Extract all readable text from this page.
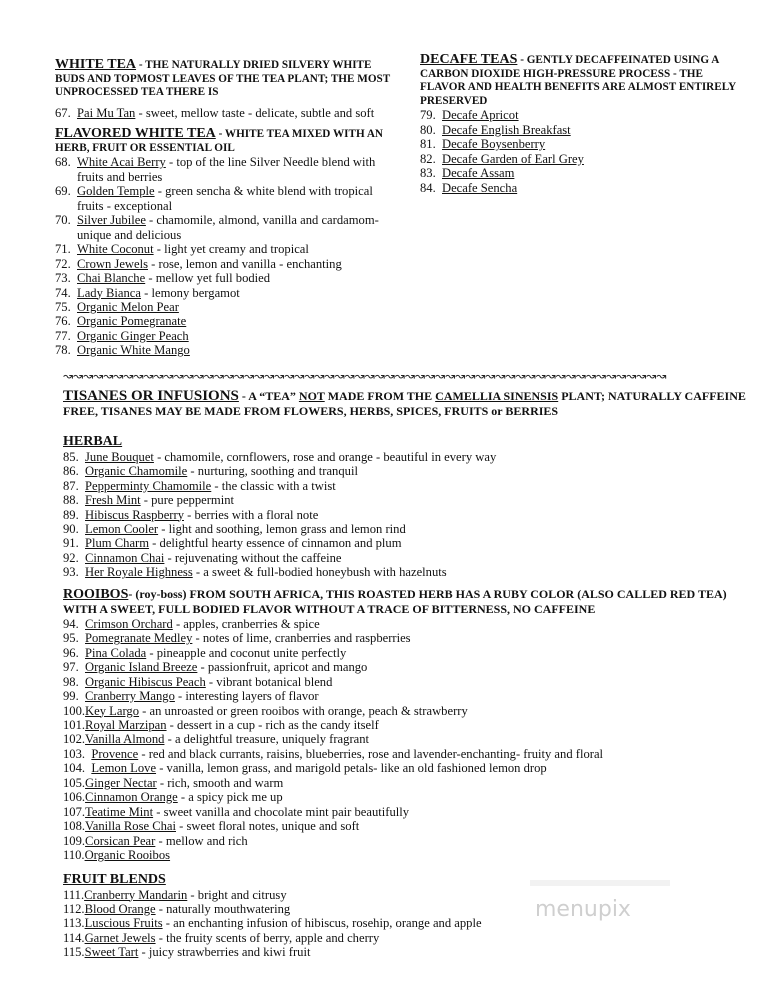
WHITE TEA - THE NATURALLY DRIED SILVERY WHITE BUDS AND TOPMOST LEAVES OF THE TEA PLANT; THE MOST UNPROCESSED TEA THERE IS
67. Pai Mu Tan - sweet, mellow taste - delicate, subtle and soft
FLAVORED WHITE TEA - WHITE TEA MIXED WITH AN HERB, FRUIT OR ESSENTIAL OIL
68. White Acai Berry - top of the line Silver Needle blend with fruits and berries
69. Golden Temple - green sencha & white blend with tropical fruits - exceptional
70. Silver Jubilee - chamomile, almond, vanilla and cardamom-unique and delicious
71. White Coconut - light yet creamy and tropical
72. Crown Jewels - rose, lemon and vanilla - enchanting
73. Chai Blanche - mellow yet full bodied
74. Lady Bianca - lemony bergamot
75. Organic Melon Pear
76. Organic Pomegranate
77. Organic Ginger Peach
78. Organic White Mango
DECAFE TEAS - GENTLY DECAFFEINATED USING A CARBON DIOXIDE HIGH-PRESSURE PROCESS - THE FLAVOR AND HEALTH BENEFITS ARE ALMOST ENTIRELY PRESERVED
79. Decafe Apricot
80. Decafe English Breakfast
81. Decafe Boysenberry
82. Decafe Garden of Earl Grey
83. Decafe Assam
84. Decafe Sencha
↝↝↝↝↝↝↝↝↝↝↝↝↝↝↝↝↝↝↝↝↝↝↝↝↝↝↝↝↝↝↝↝↝↝↝↝↝↝↝↝↝↝↝↝↝↝↝↝↝↝↝↝↝↝↝↝↝↝↝↝
TISANES OR INFUSIONS - A “TEA” NOT MADE FROM THE CAMELLIA SINENSIS PLANT; NATURALLY CAFFEINE FREE, TISANES MAY BE MADE FROM FLOWERS, HERBS, SPICES, FRUITS or BERRIES
HERBAL
85. June Bouquet - chamomile, cornflowers, rose and orange - beautiful in every way
86. Organic Chamomile - nurturing, soothing and tranquil
87. Pepperminty Chamomile - the classic with a twist
88. Fresh Mint - pure peppermint
89. Hibiscus Raspberry - berries with a floral note
90. Lemon Cooler - light and soothing, lemon grass and lemon rind
91. Plum Charm - delightful hearty essence of cinnamon and plum
92. Cinnamon Chai - rejuvenating without the caffeine
93. Her Royale Highness - a sweet & full-bodied honeybush with hazelnuts
ROOIBOS- (roy-boss) FROM SOUTH AFRICA, THIS ROASTED HERB HAS A RUBY COLOR (ALSO CALLED RED TEA) WITH A SWEET, FULL BODIED FLAVOR WITHOUT A TRACE OF BITTERNESS, NO CAFFEINE
94. Crimson Orchard - apples, cranberries & spice
95. Pomegranate Medley - notes of lime, cranberries and raspberries
96. Pina Colada - pineapple and coconut unite perfectly
97. Organic Island Breeze - passionfruit, apricot and mango
98. Organic Hibiscus Peach - vibrant botanical blend
99. Cranberry Mango - interesting layers of flavor
100. Key Largo - an unroasted or green rooibos with orange, peach & strawberry
101. Royal Marzipan - dessert in a cup - rich as the candy itself
102. Vanilla Almond - a delightful treasure, uniquely fragrant
103. Provence - red and black currants, raisins, blueberries, rose and lavender-enchanting- fruity and floral
104. Lemon Love - vanilla, lemon grass, and marigold petals- like an old fashioned lemon drop
105. Ginger Nectar - rich, smooth and warm
106. Cinnamon Orange - a spicy pick me up
107. Teatime Mint - sweet vanilla and chocolate mint pair beautifully
108. Vanilla Rose Chai - sweet floral notes, unique and soft
109. Corsican Pear - mellow and rich
110. Organic Rooibos
FRUIT BLENDS
111. Cranberry Mandarin - bright and citrusy
112. Blood Orange - naturally mouthwatering
113. Luscious Fruits - an enchanting infusion of hibiscus, rosehip, orange and apple
114. Garnet Jewels - the fruity scents of berry, apple and cherry
115. Sweet Tart - juicy strawberries and kiwi fruit
menupix
